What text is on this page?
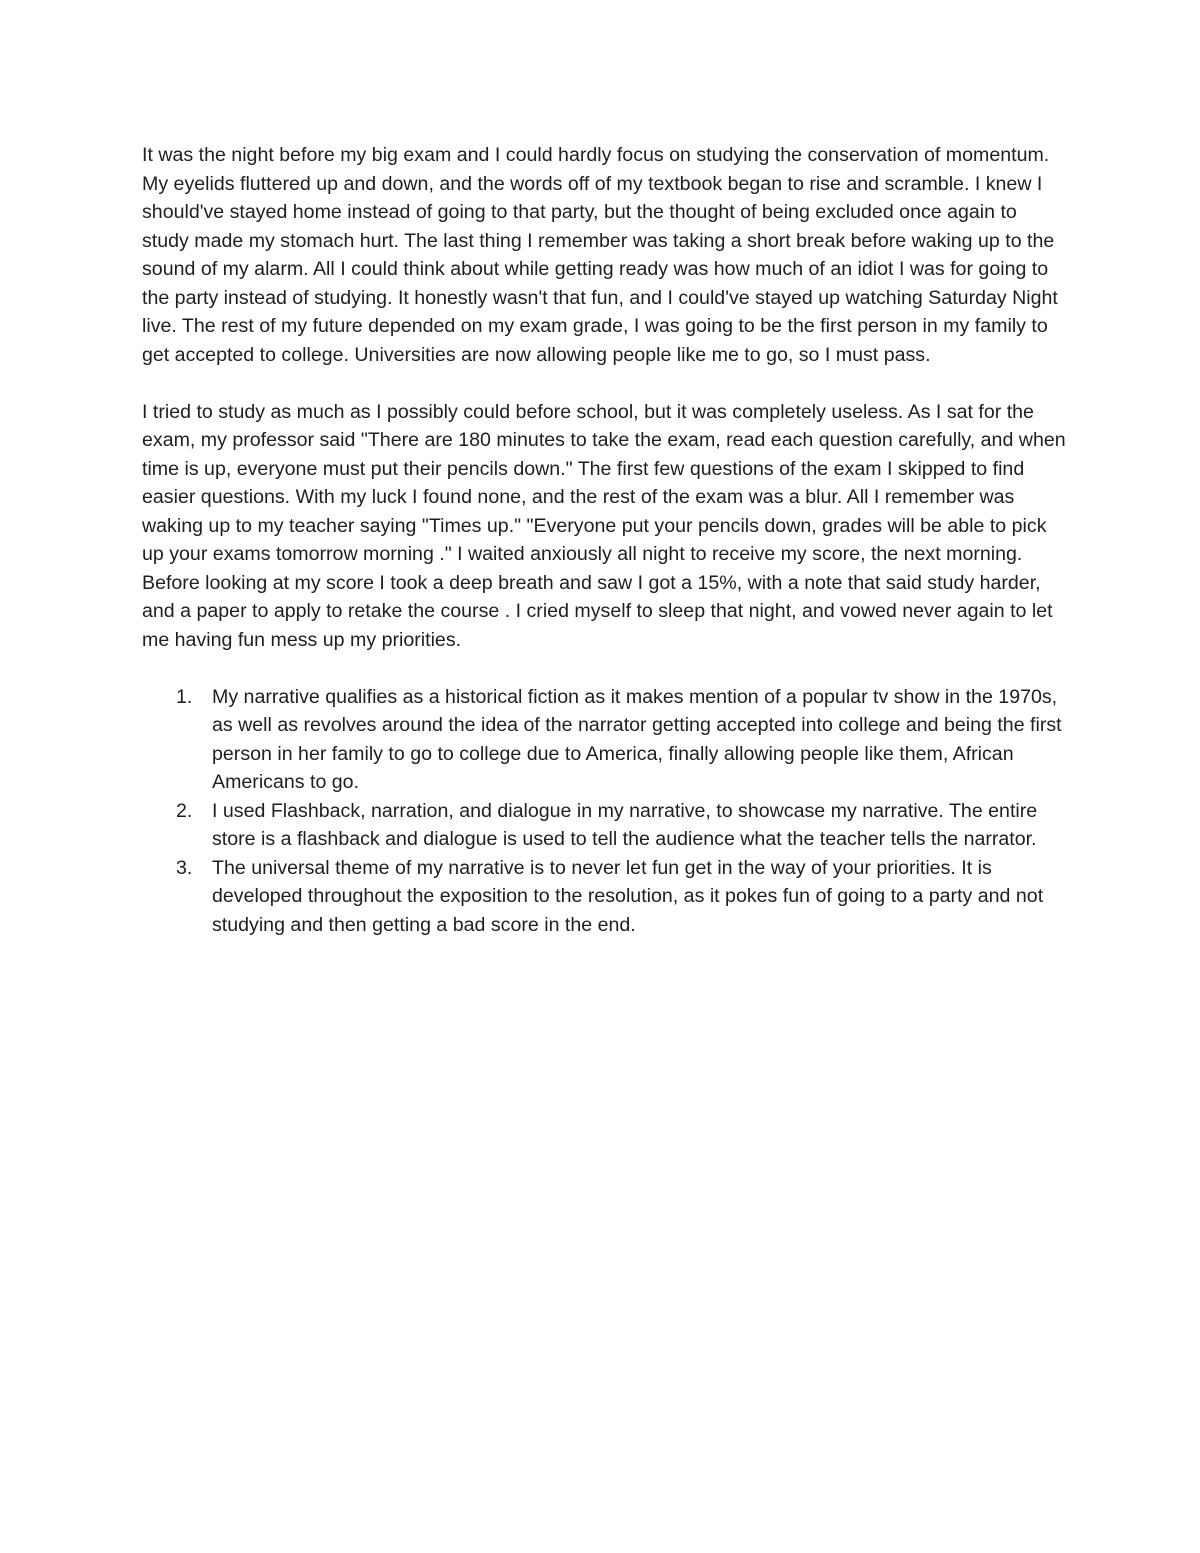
It was the night before my big exam and I could hardly focus on studying the conservation of momentum. My eyelids fluttered up and down, and the words off of my textbook began to rise and scramble. I knew I should've stayed home instead of going to that party, but the thought of being excluded once again to study made my stomach hurt. The last thing I remember was taking a short break before waking up to the sound of my alarm. All I could think about while getting ready was how much of an idiot I was for going to the party instead of studying. It honestly wasn't that fun, and I could've stayed up watching Saturday Night live. The rest of my future depended on my exam grade, I was going to be the first person in my family to get accepted to college. Universities are now allowing people like me to go, so I must pass.

I tried to study as much as I possibly could before school, but it was completely useless. As I sat for the exam, my professor said "There are 180 minutes to take the exam, read each question carefully, and when time is up, everyone must put their pencils down." The first few questions of the exam I skipped to find easier questions. With my luck I found none, and the rest of the exam was a blur. All I remember was waking up to my teacher saying "Times up." "Everyone put your pencils down, grades will be able to pick up your exams tomorrow morning ." I waited anxiously all night to receive my score, the next morning. Before looking at my score I took a deep breath and saw I got a 15%, with a note that said study harder, and a paper to apply to retake the course . I cried myself to sleep that night, and vowed never again to let me having fun mess up my priorities.

1. My narrative qualifies as a historical fiction as it makes mention of a popular tv show in the 1970s, as well as revolves around the idea of the narrator getting accepted into college and being the first person in her family to go to college due to America, finally allowing people like them, African Americans to go.
2. I used Flashback, narration, and dialogue in my narrative, to showcase my narrative. The entire store is a flashback and dialogue is used to tell the audience what the teacher tells the narrator.
3. The universal theme of my narrative is to never let fun get in the way of your priorities. It is developed throughout the exposition to the resolution, as it pokes fun of going to a party and not studying and then getting a bad score in the end.
